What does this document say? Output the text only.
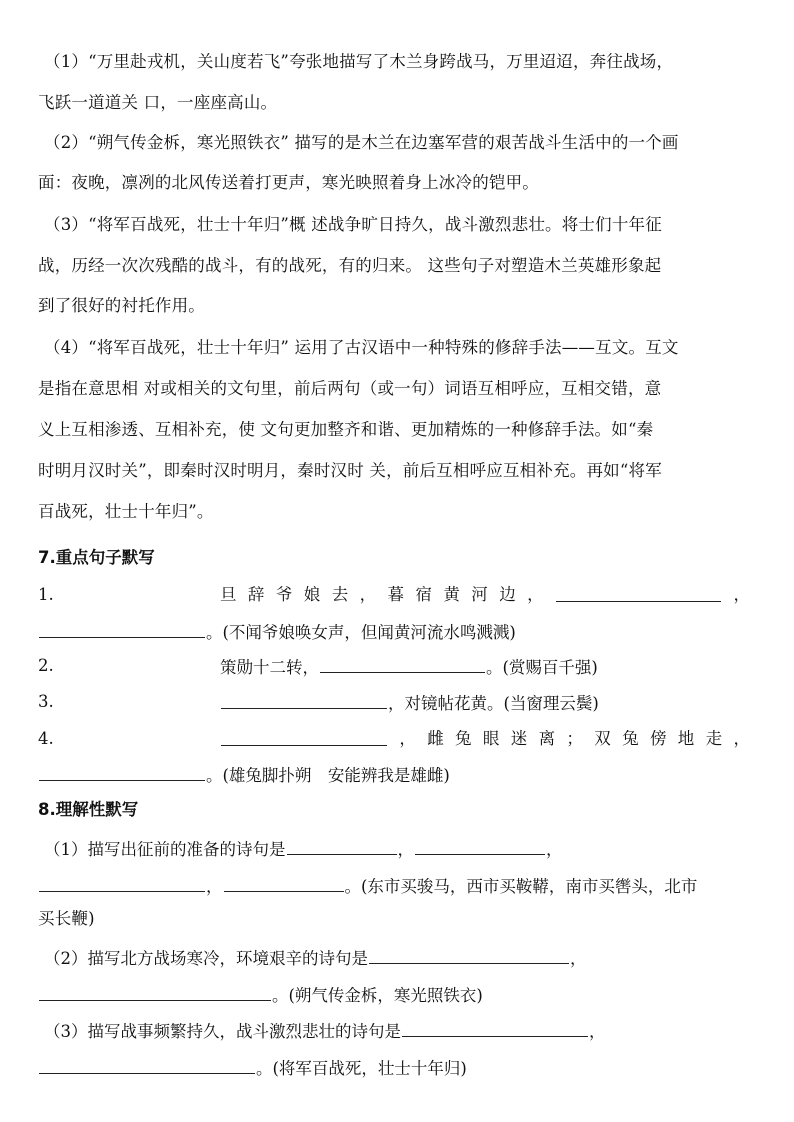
（1）“万里赴戎机，关山度若飞”夸张地描写了木兰身跨战马，万里迢迢，奔往战场，
飞跃一道道关 口，一座座高山。
（2）“朔气传金柝，寒光照铁衣” 描写的是木兰在边塞军营的艰苦战斗生活中的一个画
面：夜晚，凛冽的北风传送着打更声，寒光映照着身上冰冷的铠甲。
（3）“将军百战死，壮士十年归”概 述战争旷日持久，战斗激烈悲壮。将士们十年征
战，历经一次次残酷的战斗，有的战死，有的归来。 这些句子对塑造木兰英雄形象起
到了很好的衬托作用。
（4）“将军百战死，壮士十年归” 运用了古汉语中一种特殊的修辞手法——互文。互文
是指在意思相 对或相关的文句里，前后两句（或一句）词语互相呼应，互相交错，意
义上互相渗透、互相补充，使 文句更加整齐和谐、更加精炼的一种修辞手法。如“秦
时明月汉时关”，即秦时汉时明月，秦时汉时 关，前后互相呼应互相补充。再如“将军
百战死，壮士十年归”。
7.重点句子默写
1.	旦 辞 爷 娘 去 ， 暮 宿 黄 河 边 ，	，
。(不闻爷娘唤女声，但闻黄河流水鸣溅溅)
2.	策勋十二转，	。(赏赐百千强)
3.	，对镜帖花黄。(当窗理云鬓)
4.	， 雌 兔 眼 迷 离 ； 双 兔 傍 地 走 ，
。(雄兔脚扑朔　安能辨我是雄雌)
8.理解性默写
（1）描写出征前的准备的诗句是	，	，
，	。(东市买骏马，西市买鞍鞯，南市买辔头，北市
买长鞭)
（2）描写北方战场寒冷，环境艰辛的诗句是	，
。(朔气传金柝，寒光照铁衣)
（3）描写战事频繁持久，战斗激烈悲壮的诗句是	，
。(将军百战死，壮士十年归)
